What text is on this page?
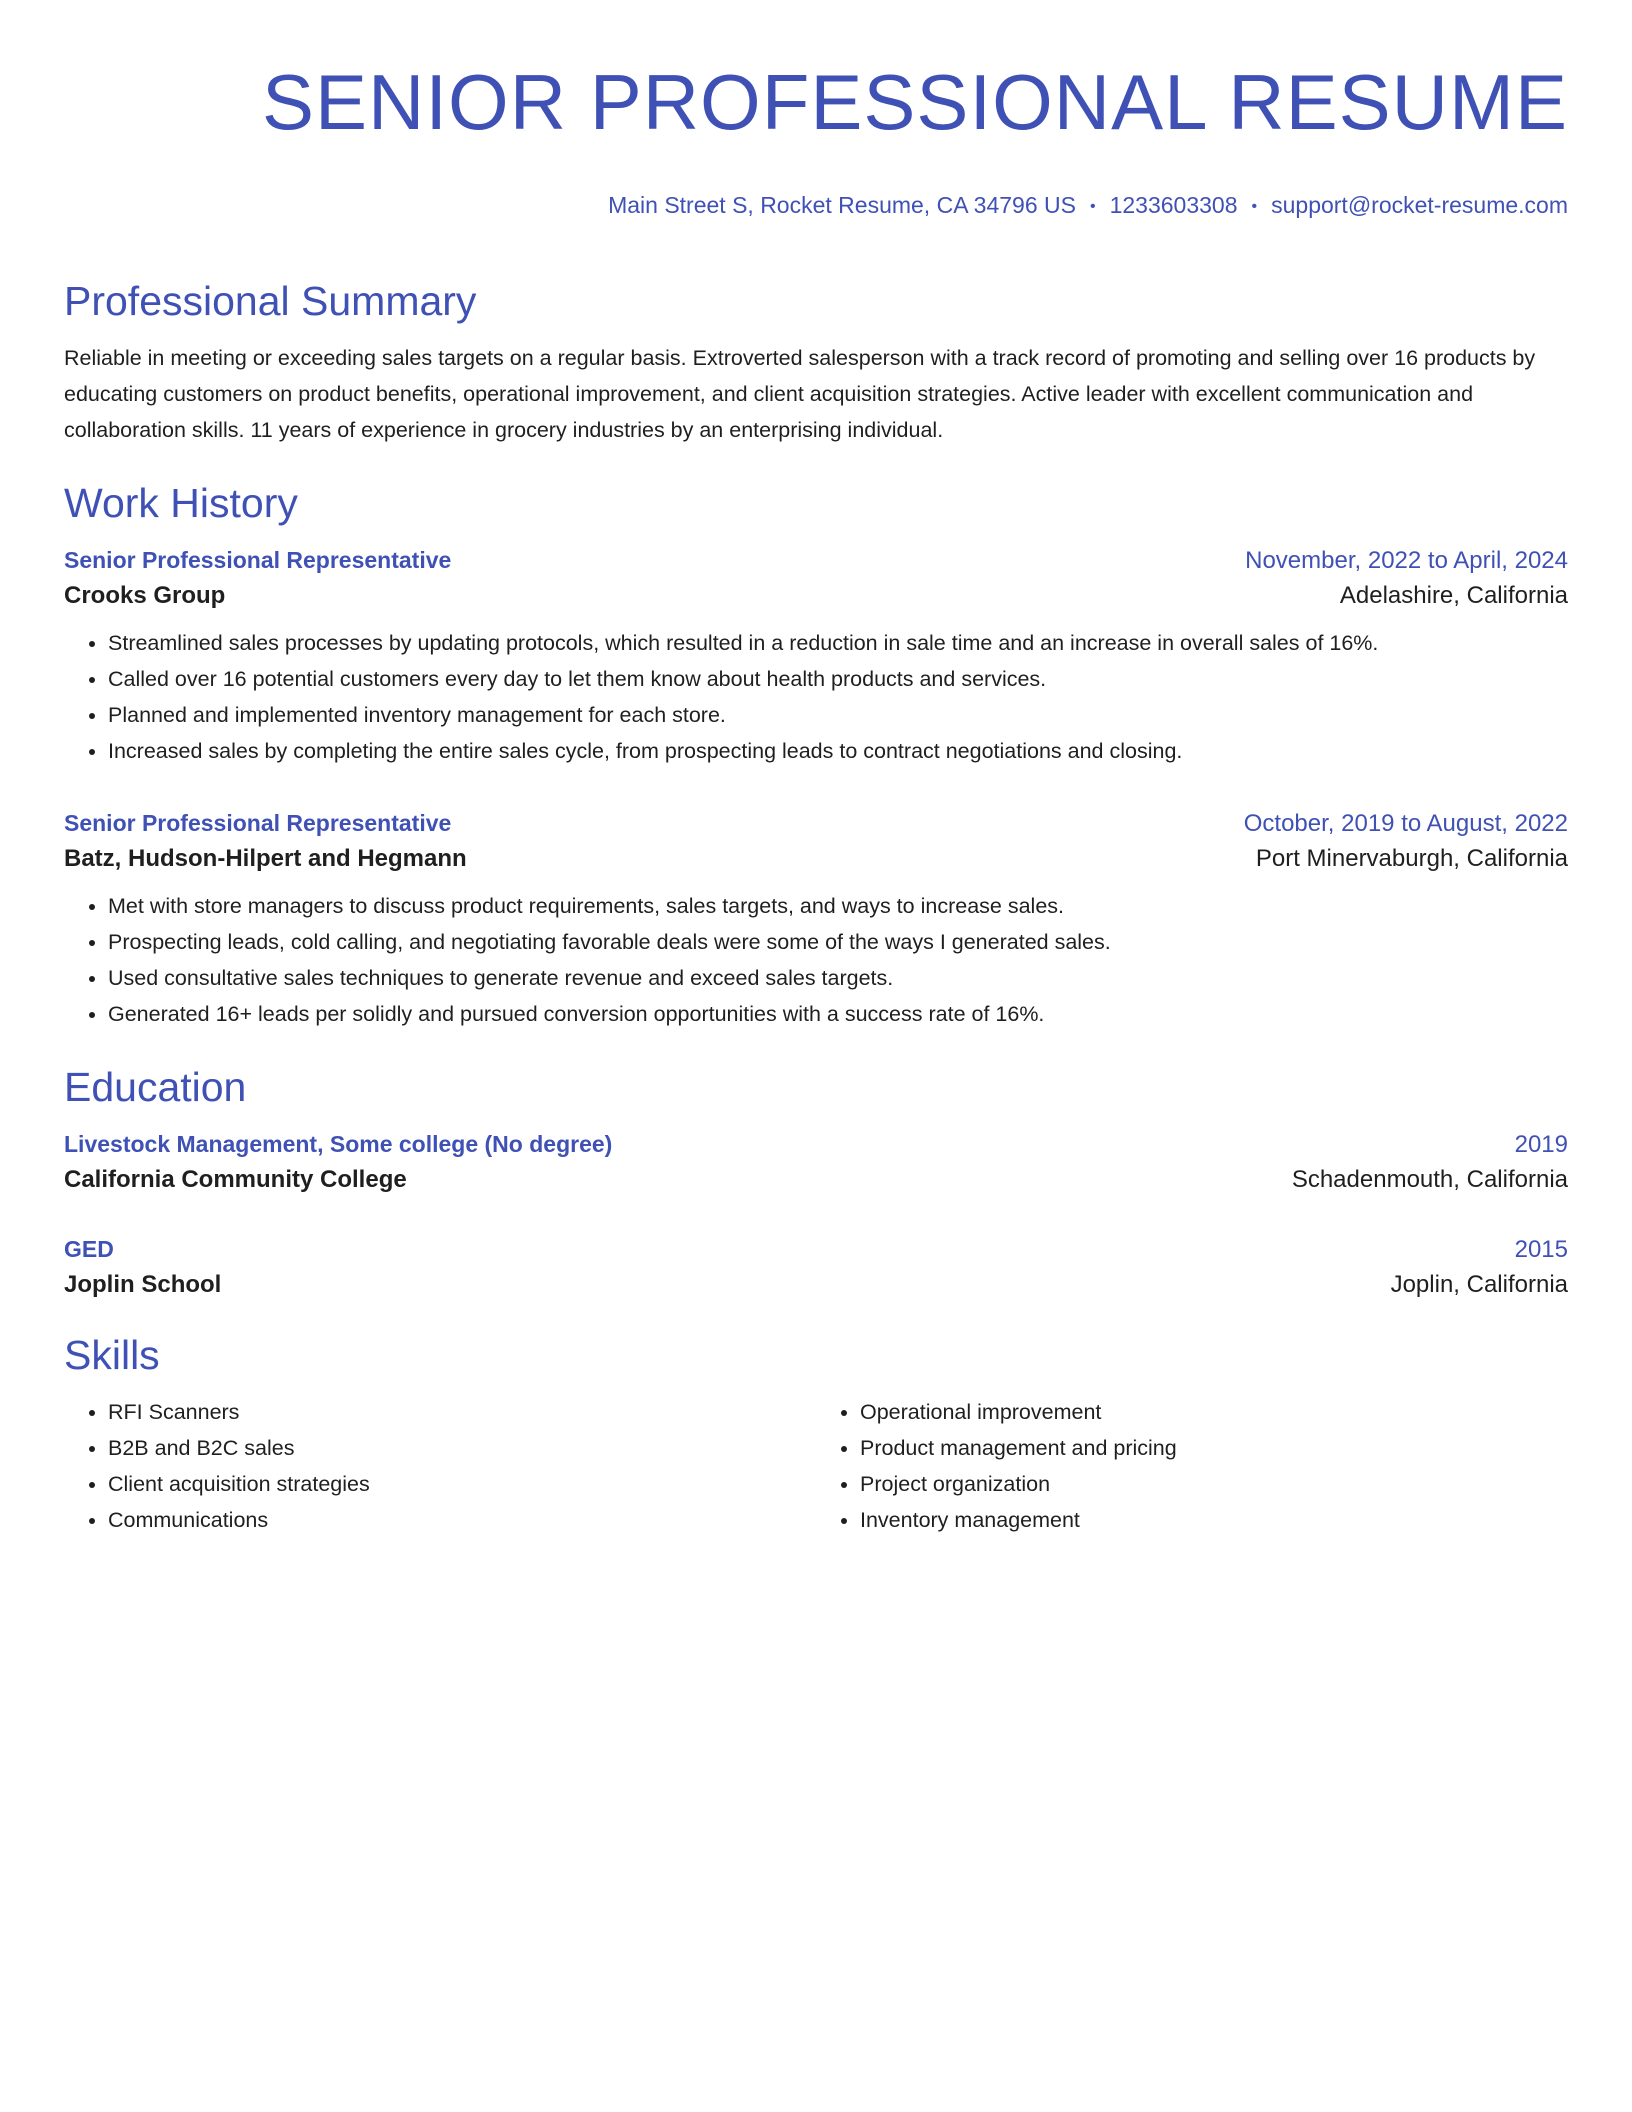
SENIOR PROFESSIONAL RESUME
Main Street S, Rocket Resume, CA 34796 US • 1233603308 • support@rocket-resume.com
Professional Summary
Reliable in meeting or exceeding sales targets on a regular basis. Extroverted salesperson with a track record of promoting and selling over 16 products by educating customers on product benefits, operational improvement, and client acquisition strategies. Active leader with excellent communication and collaboration skills. 11 years of experience in grocery industries by an enterprising individual.
Work History
Senior Professional Representative	November, 2022 to April, 2024
Crooks Group	Adelashire, California
• Streamlined sales processes by updating protocols, which resulted in a reduction in sale time and an increase in overall sales of 16%.
• Called over 16 potential customers every day to let them know about health products and services.
• Planned and implemented inventory management for each store.
• Increased sales by completing the entire sales cycle, from prospecting leads to contract negotiations and closing.
Senior Professional Representative	October, 2019 to August, 2022
Batz, Hudson-Hilpert and Hegmann	Port Minervaburgh, California
• Met with store managers to discuss product requirements, sales targets, and ways to increase sales.
• Prospecting leads, cold calling, and negotiating favorable deals were some of the ways I generated sales.
• Used consultative sales techniques to generate revenue and exceed sales targets.
• Generated 16+ leads per solidly and pursued conversion opportunities with a success rate of 16%.
Education
Livestock Management, Some college (No degree)	2019
California Community College	Schadenmouth, California
GED	2015
Joplin School	Joplin, California
Skills
• RFI Scanners
• B2B and B2C sales
• Client acquisition strategies
• Communications
• Operational improvement
• Product management and pricing
• Project organization
• Inventory management
